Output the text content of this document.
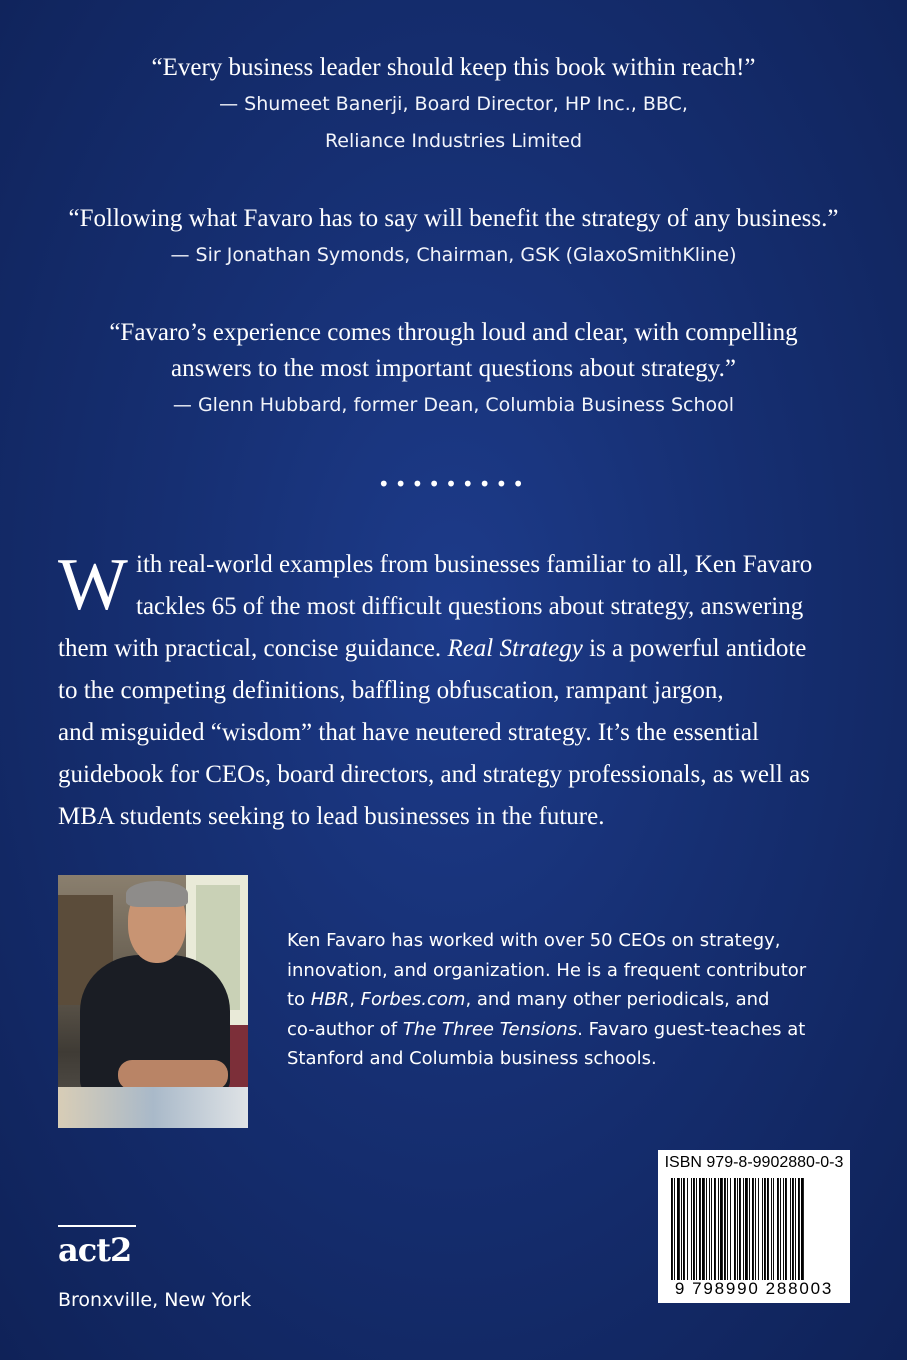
“Every business leader should keep this book within reach!”
— Shumeet Banerji, Board Director, HP Inc., BBC,
Reliance Industries Limited
“Following what Favaro has to say will benefit the strategy of any business.”
— Sir Jonathan Symonds, Chairman, GSK (GlaxoSmithKline)
“Favaro’s experience comes through loud and clear, with compelling
answers to the most important questions about strategy.”
— Glenn Hubbard, former Dean, Columbia Business School
•••••••••
W ith real-world examples from businesses familiar to all, Ken Favaro
tackles 65 of the most difficult questions about strategy, answering
them with practical, concise guidance. Real Strategy is a powerful antidote
to the competing definitions, baffling obfuscation, rampant jargon,
and misguided “wisdom” that have neutered strategy. It’s the essential
guidebook for CEOs, board directors, and strategy professionals, as well as
MBA students seeking to lead businesses in the future.
Ken Favaro has worked with over 50 CEOs on strategy,
innovation, and organization. He is a frequent contributor
to HBR, Forbes.com, and many other periodicals, and
co-author of The Three Tensions. Favaro guest-teaches at
Stanford and Columbia business schools.
ISBN 979-8-9902880-0-3
9 798990 288003
act2
Bronxville, New York
